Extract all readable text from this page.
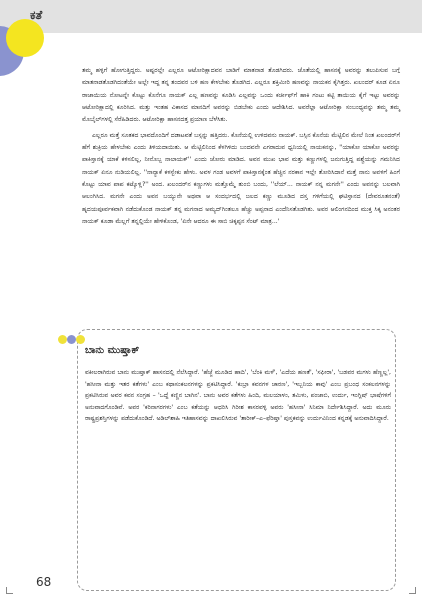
ಕತೆ

ತಮ್ಮ ಹಳ್ಳಿಗೆ ಹೋಗುತ್ತಿದ್ದರು. ಅಷ್ಟರಲ್ಲೇ ಎಲ್ಲರೂ ಆಟೋರಿಕ್ಷಾದವನ ಬಾಡಿಗೆ ಮಾತನಾಡ ತೊಡಗಿದರು. ಜೊತೆಯಲ್ಲಿ ಹಾಸನಕ್ಕೆ ಅವರನ್ನು ತಲುಪಿಸುವ ಬಗ್ಗೆ ಮಾತನಾಡತೊಡಗಿದಂತೆಯೇ ಅಲ್ಲೇ ಇದ್ದ ತನ್ನ ತಂದವರ ಬಳಿ ಹಣ ಕೇಳಬೇಕು ತೊಡಗಿದ. ಎಲ್ಲರೂ ಶಕ್ತಿಮೀರಿ ಹಣವನ್ನು ನಾಯಕನ ಕೈಗಿತ್ತರು. ಖಲಂದರ್ ಕೂಡ ಏನೂ ರಾಜಾಯಿಯ ನೋಟನ್ನೇ ಕೊಟ್ಟು ಕೊನೆಗೂ ನಾಯಕ್ ಎಲ್ಲ ಹಣವನ್ನು ಕೂಡಿಸಿ ಎಲ್ಲವನ್ನು ಒಂದು ಕರ್ಚೀಫ್‌ಗೆ ಹಾಕಿ ಗಂಟು ಕಟ್ಟಿ ತಾಯಿಯ ಕೈಗೆ ಇಟ್ಟು ಅವರನ್ನು ಆಟೋರಿಕ್ಷಾದಲ್ಲಿ ಕೂರಿಸಿದ. ಮತ್ತು ಇಂತಹ ವಿಕಾಸದ ಮಾನದಿಗೆ ಅವರನ್ನು ಬಿಡಬೇಕು ಎಂದು ಆದೇಶಿಸಿದ. ಅವರೆಲ್ಲಾ ಆಟೋರಿಕ್ಷಾ ಸಂಬಂಧ್ಯವನ್ನು ತಮ್ಮ ತಮ್ಮ ಮೊಬೈಲ್‌ಗಳಲ್ಲಿ ಸೆರೆಹಿಡಿದರು. ಆಟೋರಿಕ್ಷಾ ಹಾಸನದತ್ತ ಪ್ರಯಾಣ ಬೆಳೆಸಿತು.

ಎಲ್ಲರೂ ಮತ್ತೆ ಸೂತಕದ ಭಾವದೊಂದಿಗೆ ದಡಾಟವತೆ ಬಸ್ಸನ್ನು ಹತ್ತಿದರು. ಕೊನೆಯಲ್ಲಿ ಉಳಿದವನು ನಾಯಕ್. ಬಸ್ಸಿನ ಕೊನೆಯ ಮೆಟ್ಟಿಲಿನ ಮೇಲೆ ನಿಂತ ಖಲಂದರ್‌ಗೆ ಹೆಗೆ ಶುಕ್ರಿಯ ಹೇಳಬೇಕು ಎಂದು ತಿಳಿಯದಾಯಿತು. ಆ ಮೆಟ್ಟಿಲಿನಿಂದ ಕೆಳಗಿಳಿದು ಬಂದವನೇ ಎಗರಾದುವ ಧ್ವನಿಯಲ್ಲಿ ನಾಯಕನನ್ನು, ''ಯಾಕೋ ಯಾಕೋ ಅವರನ್ನು ಪಾಕಿಸ್ತಾನಕ್ಕೆ ಯಾಕೆ ಕಳಿಸಲಿಲ್ಲ, ನೀನೊಬ್ಬ ನಾಲಾಯಕ್'' ಎಂದು ಜೋರು ಮಾಡಿದ. ಅವನ ಮುಖ ಭಾವ ಮತ್ತು ಕಣ್ಣುಗಳಲ್ಲಿ ಜನುಗುತ್ತಿದ್ದ ಪಶ್ಚೆಯನ್ನು ಗಮನಿಸಿದ ನಾಯಕ್ ಏನೂ ನುಡಿಯಲಿಲ್ಲ. ''ನಾನ್ಯಾಕೆ ಕಳಸ್ಬೇಕು ಹೇಳು. ಅವಳ ಗಂಡ ಅವಳಗೆ ಪಾಕಿಸ್ತಾನಕ್ಕೆಂತ ಹೆಚ್ಚಿನ ನರಕಾನ ಇಲ್ಲೇ ತೋರಿಸಿದಾನೆ ಮತ್ತೆ ನಾನು ಅವಳಿಗೆ ಹಿಂಗೆ ಕೊಟ್ಟು ಯಾವ ಪಾಪ ಕಟ್ಕೊಳ್ಲಿ?'' ಅಂದ. ಖಲಂದರ್‌ನ ಕಣ್ಣುಗಳು ಮತ್ತೊಮ್ಮೆ ತುಂಬಿ ಬಂದು, ''ಲೆಯ್... ನಾಯಕ್ ನನ್ನ ಮಗನೇ'' ಎಂದು ಅವನನ್ನು ಬಲವಾಗಿ ಆಲಂಗಿಸಿದ. ಮಗನೇ ಎಂದು ಅವನ ಬಯ್ಯುನೇ ಅಥವಾ ಆ ಸಂದರ್ಭದಲ್ಲಿ ಜಲದ ಕಣ್ಣು ಮೂಡಿದ ದಸ್ತ ಗಳಿಗೆಯಲ್ಲಿ ಘಟಿಸ್ತಾನದ (ದೇವರೂತನಂತೆ) ಹೃದಯಪೂರ್ವಕವಾಗಿ ನಡೆದುಕೊಂಡ ನಾಯಕ್ ತನ್ನ ಮಗನಾದ ಅಮ್ಯದ್‌ಗಿಂತಲೂ ಹೆಚ್ಚು ಅಪ್ಪನಾದ ಎಂದೆನಿಸತೊಡಗಿತು. ಅವರ ಆಲಿಂಗನದಿಂದ ಮುಕ್ತ ಸಿಕ್ಕ ಅನಂತರ ನಾಯಕ್ ಕೂಡಾ ಮೆಲ್ಲಗೆ ತನ್ನಲ್ಲಿಯೇ ಹೇಳಿಕೊಂಡ, 'ಏನೇ ಆದರೂ ಈ ಸಾಬಿ ಚಿಕ್ಕಪ್ಪನ ಸೆಂಟ್ ಮಾತ್ರ...'

ಬಾನು ಮುಷ್ತಾಕ್

ವಕೀಲರಾಗಿರುವ ಬಾನು ಮುಷ್ತಾಕ್ ಹಾಸನದಲ್ಲಿ ನೆಲೆಸಿದ್ದಾರೆ. 'ಹೆಜ್ಜೆ ಮೂಡಿದ ಹಾದಿ', 'ಬೆಂಕಿ ಮಳೆ', 'ಎದೆಯ ಹಣತೆ', 'ಸಫೀರಾ', 'ಬಡವರ ಮಗಳು ಹೆಣ್ಣಲ್ಲ', 'ಹಸೀನಾ ಮತ್ತು ಇತರ ಕತೆಗಳು' ಎಂಬ ಕಥಾಸಂಕಲನಗಳನ್ನು ಪ್ರಕಟಿಸಿದ್ದಾರೆ. 'ಕುಬ್ರಾ ಕವನಗಳ ಚಾರಣ', 'ಇಬ್ಬನಿಯ ಕಾವು' ಎಂಬ ಪ್ರಬಂಧ ಸಂಕಲನಗಳನ್ನು ಪ್ರಕಟಿಸಿರುವ ಅವರ ಕವನ ಸಂಗ್ರಹ – 'ಒದ್ದೆ ಕಣ್ಣಿನ ಬಾಗಿನ'. ಬಾನು ಅವರ ಕತೆಗಳು ಹಿಂದಿ, ಮಲಯಾಳಂ, ತಮಿಳು, ಪಂಜಾಬಿ, ಉರ್ದು, ಇಂಗ್ಲಿಷ್ ಭಾಷೆಗಳಿಗೆ ಅನುವಾದಗೊಂಡಿವೆ. ಅವರ 'ಕರಿನಾಗರಗಳು' ಎಂಬ ಕತೆಯನ್ನು ಆಧರಿಸಿ ಗಿರೀಶ ಕಾಸರವಳ್ಳಿ ಅವರು 'ಹಸೀನಾ' ಸಿನಿಮಾ ನಿರ್ದೇಶಿಸಿದ್ದಾರೆ. ಅದು ಮೂರು ರಾಷ್ಟ್ರಪ್ರಶಸ್ತಿಗಳನ್ನು ಪಡೆದುಕೊಂಡಿದೆ. ಅಡಿಲ್‌ಶಾಹಿ ಇತಿಹಾಸವನ್ನು ದಾಖಲಿಸಿರುವ 'ತಾರೀಕ್–ಎ–ಫೆರಿಷ್ತಾ' ಪುಸ್ತಕವನ್ನು ಉರ್ದುವಿನಿಂದ ಕನ್ನಡಕ್ಕೆ ಅನುವಾದಿಸಿದ್ದಾರೆ.

68
